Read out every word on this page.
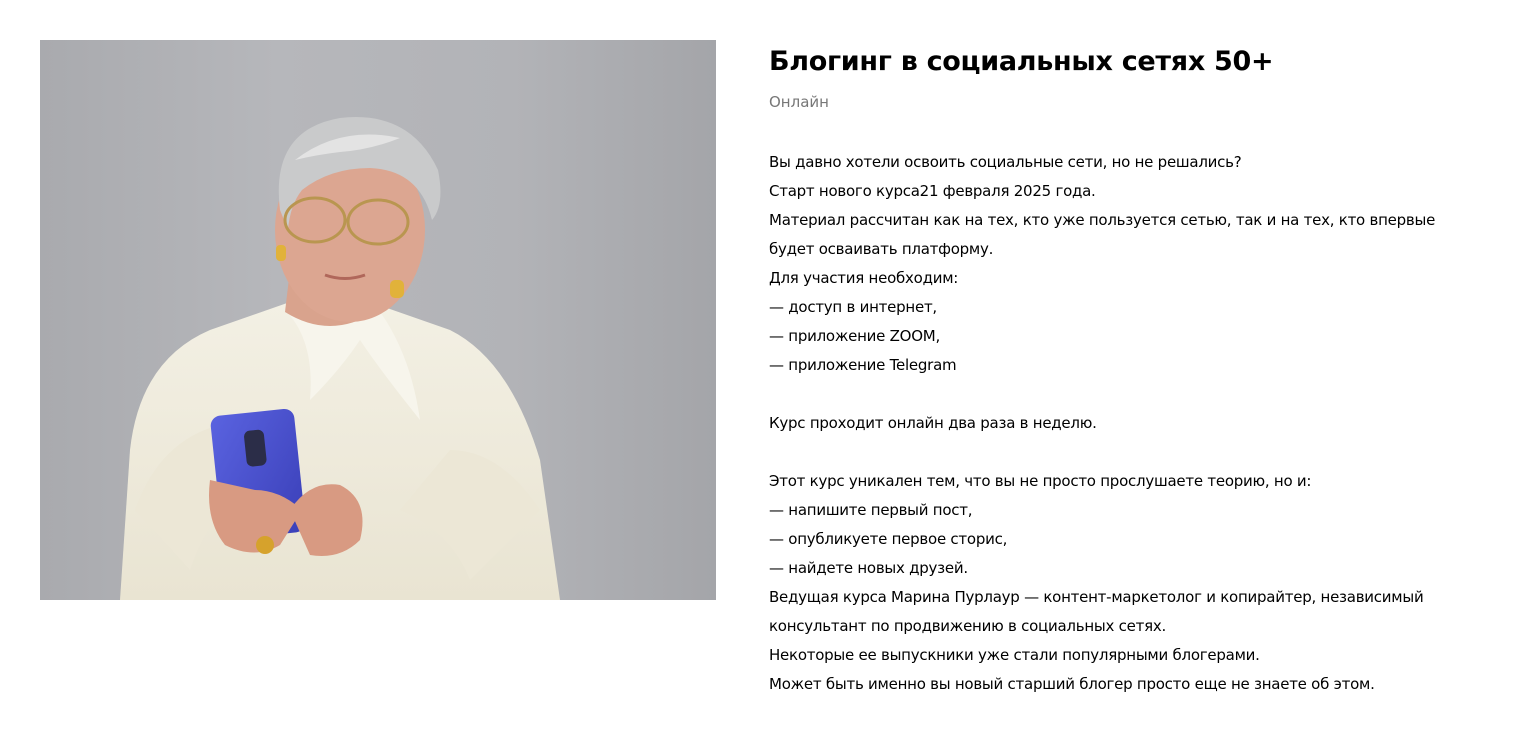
Блогинг в социальных сетях 50+
Онлайн
Вы давно хотели освоить социальные сети, но не решались?
Старт нового курса21 февраля 2025 года.
Материал рассчитан как на тех, кто уже пользуется сетью, так и на тех, кто впервые
будет осваивать платформу.
Для участия необходим:
— доступ в интернет,
— приложение ZOOM,
— приложение Telegram
Курс проходит онлайн два раза в неделю.
Этот курс уникален тем, что вы не просто прослушаете теорию, но и:
— напишите первый пост,
— опубликуете первое сторис,
— найдете новых друзей.
Ведущая курса Марина Пурлаур — контент-маркетолог и копирайтер, независимый
консультант по продвижению в социальных сетях.
Некоторые ее выпускники уже стали популярными блогерами.
Может быть именно вы новый старший блогер просто еще не знаете об этом.
